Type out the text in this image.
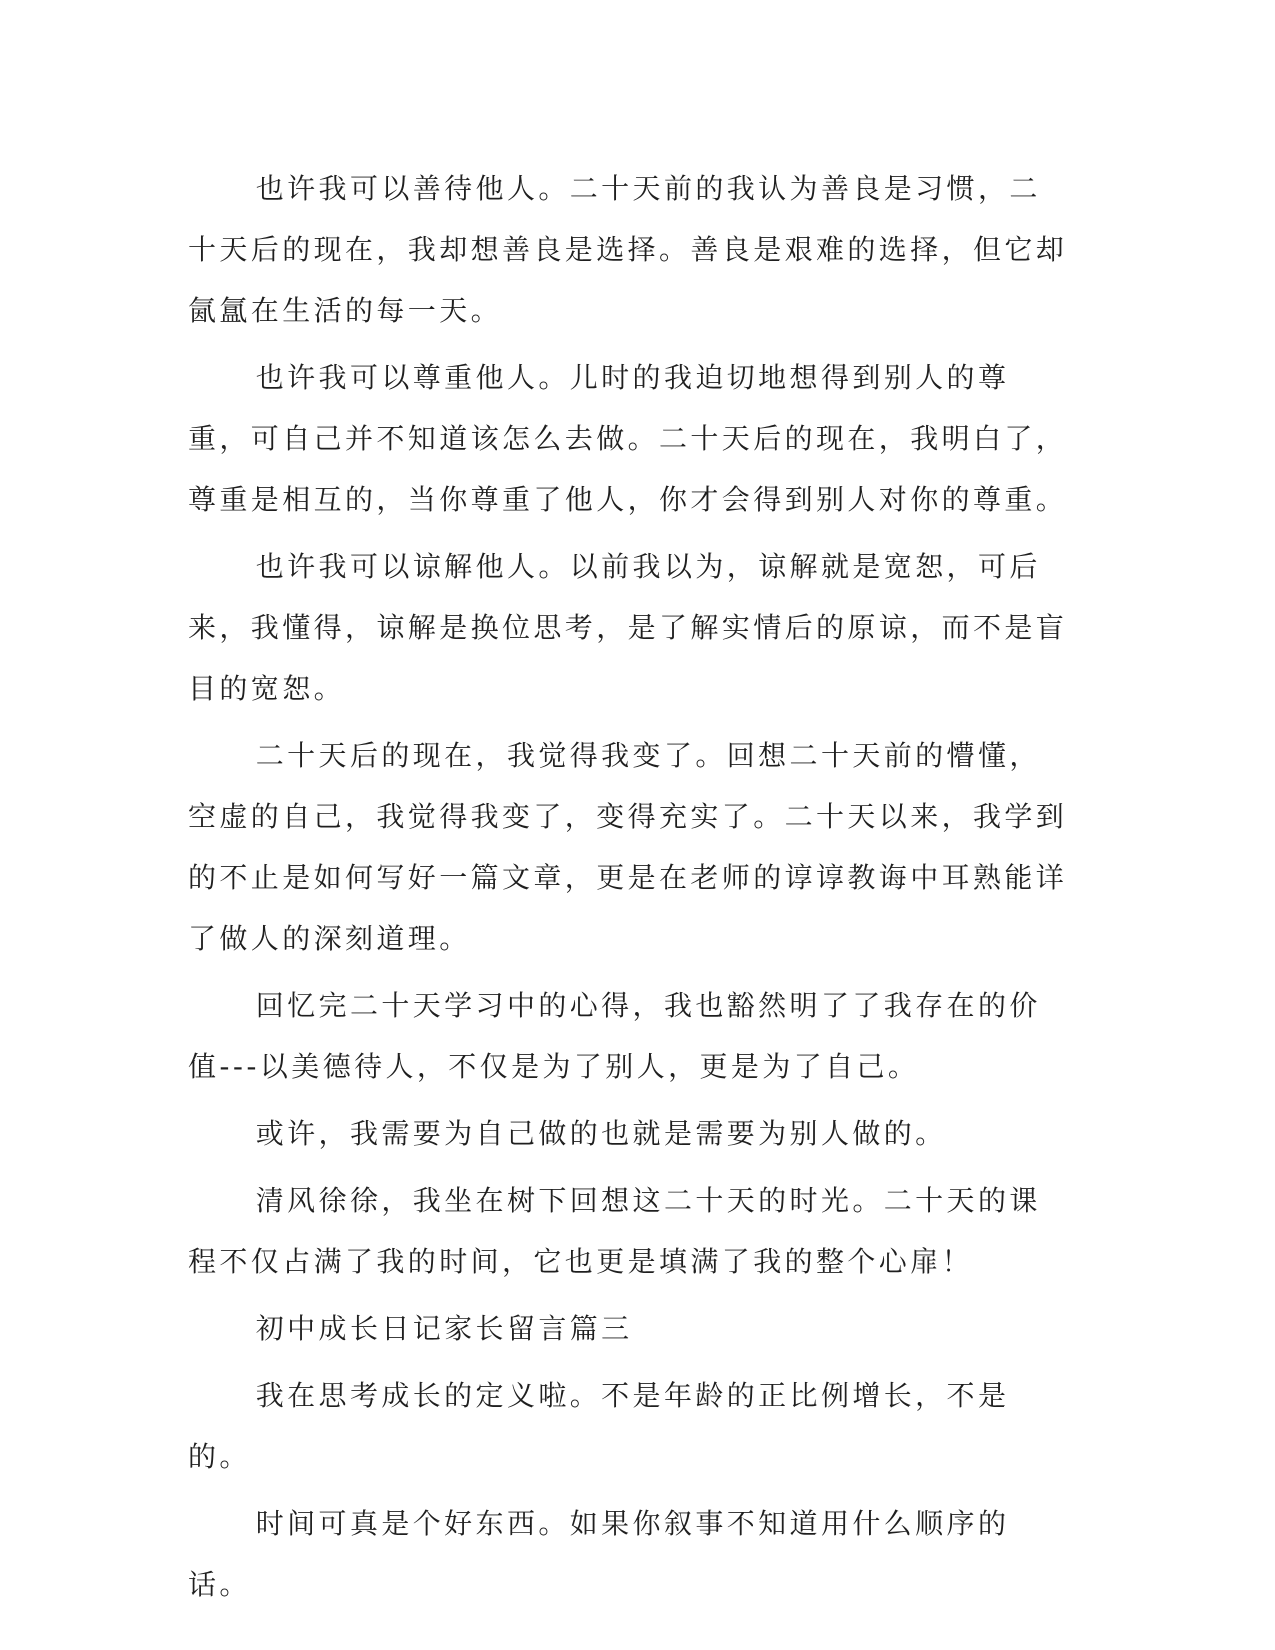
也许我可以善待他人。二十天前的我认为善良是习惯，二十天后的现在，我却想善良是选择。善良是艰难的选择，但它却氤氲在生活的每一天。

也许我可以尊重他人。儿时的我迫切地想得到别人的尊重，可自己并不知道该怎么去做。二十天后的现在，我明白了，尊重是相互的，当你尊重了他人，你才会得到别人对你的尊重。

也许我可以谅解他人。以前我以为，谅解就是宽恕，可后来，我懂得，谅解是换位思考，是了解实情后的原谅，而不是盲目的宽恕。

二十天后的现在，我觉得我变了。回想二十天前的懵懂，空虚的自己，我觉得我变了，变得充实了。二十天以来，我学到的不止是如何写好一篇文章，更是在老师的谆谆教诲中耳熟能详了做人的深刻道理。

回忆完二十天学习中的心得，我也豁然明了了我存在的价值---以美德待人，不仅是为了别人，更是为了自己。

或许，我需要为自己做的也就是需要为别人做的。

清风徐徐，我坐在树下回想这二十天的时光。二十天的课程不仅占满了我的时间，它也更是填满了我的整个心扉！

初中成长日记家长留言篇三

我在思考成长的定义啦。不是年龄的正比例增长，不是的。

时间可真是个好东西。如果你叙事不知道用什么顺序的话。
